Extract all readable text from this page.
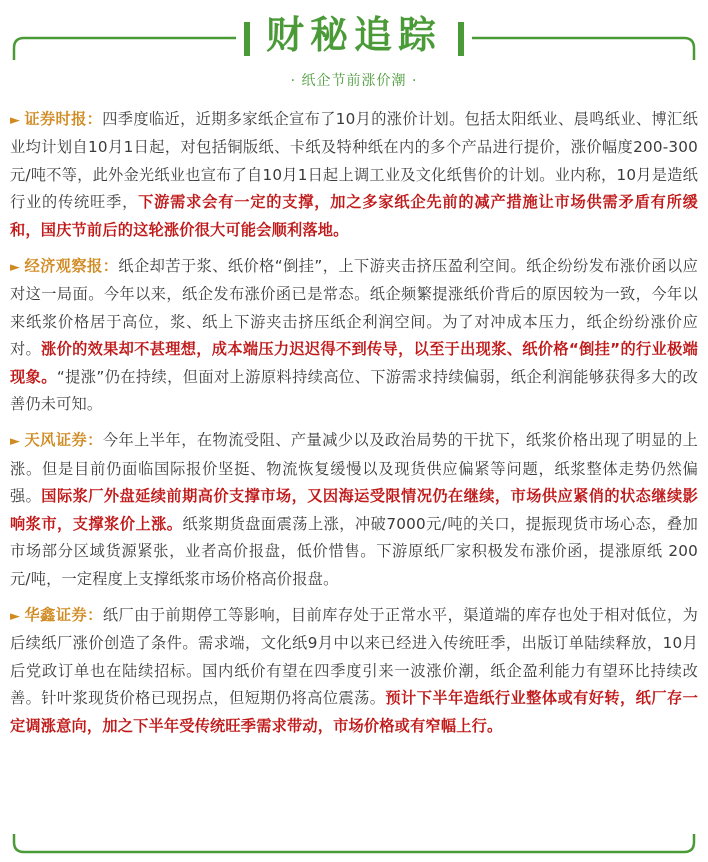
财秘追踪
· 纸企节前涨价潮 ·

► 证券时报：四季度临近，近期多家纸企宣布了10月的涨价计划。包括太阳纸业、晨鸣纸业、博汇纸业均计划自10月1日起，对包括铜版纸、卡纸及特种纸在内的多个产品进行提价，涨价幅度200-300元/吨不等，此外金光纸业也宣布了自10月1日起上调工业及文化纸售价的计划。业内称，10月是造纸行业的传统旺季，下游需求会有一定的支撑，加之多家纸企先前的减产措施让市场供需矛盾有所缓和，国庆节前后的这轮涨价很大可能会顺利落地。

► 经济观察报：纸企却苦于浆、纸价格“倒挂”，上下游夹击挤压盈利空间。纸企纷纷发布涨价函以应对这一局面。今年以来，纸企发布涨价函已是常态。纸企频繁提涨纸价背后的原因较为一致，今年以来纸浆价格居于高位，浆、纸上下游夹击挤压纸企利润空间。为了对冲成本压力，纸企纷纷涨价应对。涨价的效果却不甚理想，成本端压力迟迟得不到传导，以至于出现浆、纸价格“倒挂”的行业极端现象。“提涨”仍在持续，但面对上游原料持续高位、下游需求持续偏弱，纸企利润能够获得多大的改善仍未可知。

► 天风证券：今年上半年，在物流受阻、产量减少以及政治局势的干扰下，纸浆价格出现了明显的上涨。但是目前仍面临国际报价坚挺、物流恢复缓慢以及现货供应偏紧等问题，纸浆整体走势仍然偏强。国际浆厂外盘延续前期高价支撑市场，又因海运受限情况仍在继续，市场供应紧俏的状态继续影响浆市，支撑浆价上涨。纸浆期货盘面震荡上涨，冲破7000元/吨的关口，提振现货市场心态，叠加市场部分区域货源紧张，业者高价报盘，低价惜售。下游原纸厂家积极发布涨价函，提涨原纸 200 元/吨，一定程度上支撑纸浆市场价格高价报盘。

► 华鑫证券：纸厂由于前期停工等影响，目前库存处于正常水平，渠道端的库存也处于相对低位，为后续纸厂涨价创造了条件。需求端，文化纸9月中以来已经进入传统旺季，出版订单陆续释放，10月后党政订单也在陆续招标。国内纸价有望在四季度引来一波涨价潮，纸企盈利能力有望环比持续改善。针叶浆现货价格已现拐点，但短期仍将高位震荡。预计下半年造纸行业整体或有好转，纸厂存一定调涨意向，加之下半年受传统旺季需求带动，市场价格或有窄幅上行。
